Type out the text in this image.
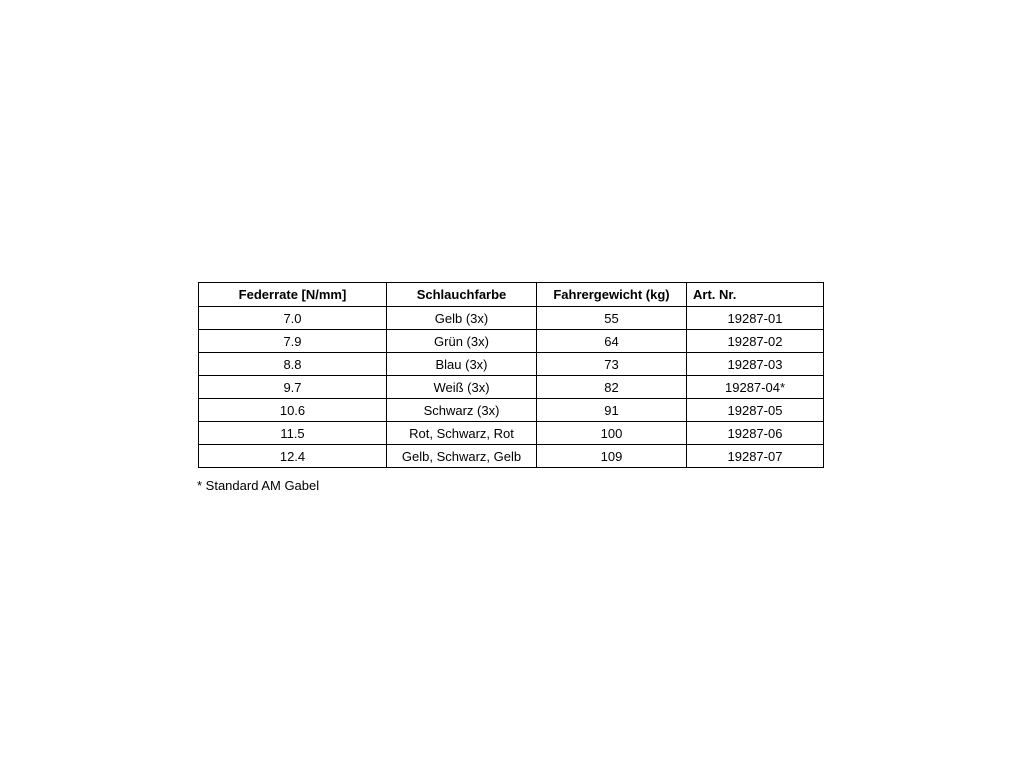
Federrate [N/mm]	Schlauchfarbe	Fahrergewicht (kg)	Art. Nr.
7.0	Gelb (3x)	55	19287-01
7.9	Grün (3x)	64	19287-02
8.8	Blau (3x)	73	19287-03
9.7	Weiß (3x)	82	19287-04*
10.6	Schwarz (3x)	91	19287-05
11.5	Rot, Schwarz, Rot	100	19287-06
12.4	Gelb, Schwarz, Gelb	109	19287-07
* Standard AM Gabel
